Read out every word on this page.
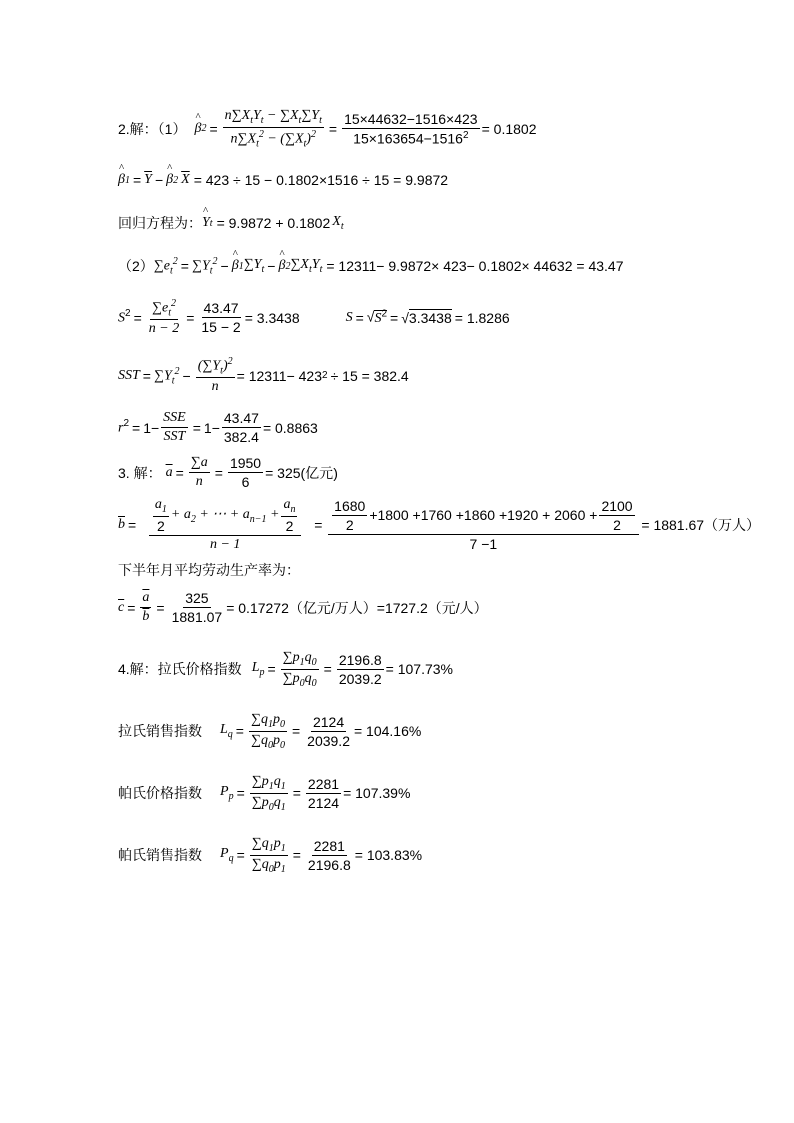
2.解：（1） ^ β $2 = \frac{n\sum X_tY_t - \sum X_t\sum Y_t}{n\sum X_t^2 - (\sum X_t)^2} = \frac{15\times 44632-1516\times 423}{15\times 163654-1516^2} = 0.1802$
^ β $1 = \overline{Y}$ − ^ β 2 $\overline{X} = 423 \div 15 - 0.1802\times 1516 \div 15 = 9.9872$
回归方程为： ^ Y t = 9.9872 + 0.1802 $X_t$
（2） $\sum e_t^2 = \sum Y_t^2$ − ^ β 1 $\sum Y_t$ − ^ β 2 $\sum X_tY_t = 12311- 9.9872\times 423- 0.1802\times 44632 = 43.47$
$S^2 = \frac{\sum e_t^2}{n - 2} = \frac{43.47}{15 - 2} = 3.3438$	$S = √S^2 = √3.3438 = 1.8286$
SST = $\sum Y_t^2 - \frac{(\sum Y_t)^2}{n} = 12311- 423$ 2 ÷ 15 = 382.4
$r^2 = 1- \frac{\text{SSE}}{\text{SST}} = 1- \frac{43.47}{382.4} = 0.8863$
3. 解： $\overline{a} = \frac{\sum a}{n} = \frac{1950}{6} = 325$(亿元 )
$\overline{b} = \frac{\frac{a_1}{2} + a_2 + \cdots + a_{n-1} + \frac{a_n}{2}}{n - 1} = \frac{\frac{1680}{2} +1800 +1760 +1860 +1920 + 2060 + \frac{2100}{2}}{7 -1} = 1881.67$（万人）
下半年月平均劳动生产率为：
$\overline{c} = \frac{\overline{a}}{b} = \frac{325}{1881.07} = 0.17272$（亿元/万人）=1727.2（元/人）
4.解：拉氏价格指数 $L_p = \frac{\sum p_1q_0}{\sum p_0q_0} = \frac{2196.8}{2039.2} = 107.73\%$
拉氏销售指数 $L_q = \frac{\sum q_1p_0}{\sum q_0p_0} = \frac{2124}{2039.2} = 104.16\%$
帕氏价格指数 $P_p = \frac{\sum p_1q_1}{\sum p_0q_1} = \frac{2281}{2124} = 107.39\%$
帕氏销售指数 $P_q = \frac{\sum q_1p_1}{\sum q_0p_1} = \frac{2281}{2196.8} = 103.83\%$
